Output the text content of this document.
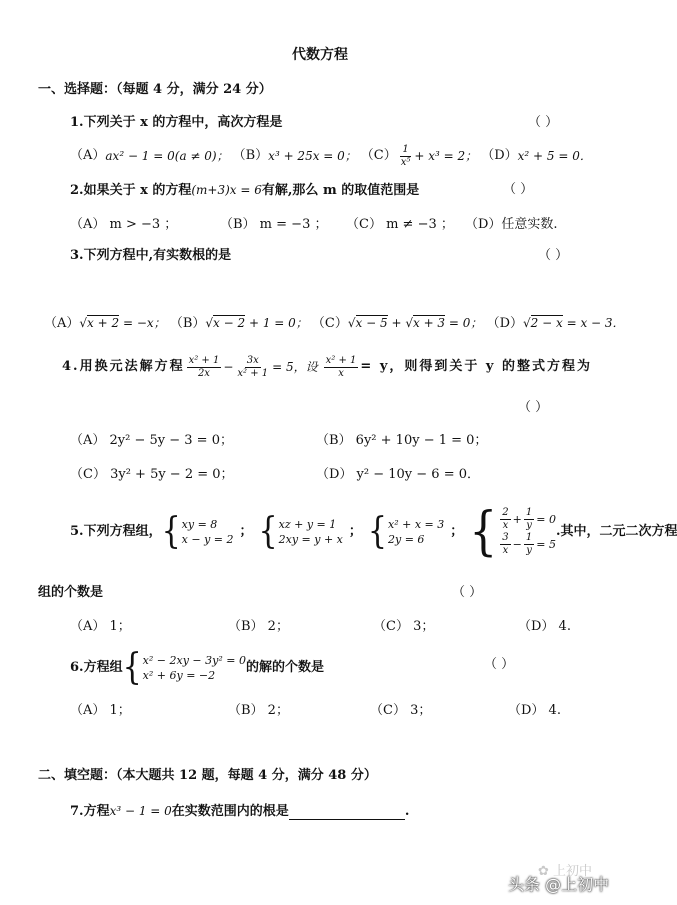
代数方程
一、选择题：（每题 4 分，满分 24 分）
1.下列关于 x 的方程中，高次方程是	（ ）
（A） ax² − 1 = 0(a ≠ 0)； （B） x³ + 25x = 0； $(C) \frac{1}{\text{x⁵}} + x^3 = 2$； （D） x² + 5 = 0．
2.如果关于 x 的方程(m+3)x = 6有解,那么 m 的取值范围是	（ ）
（A） m > −3 ；	（B） m = −3 ； （C） m ≠ −3 ； （D）任意实数.
3.下列方程中,有实数根的是	（ ）
（A）√x + 2 = −x； （B）√x − 2 + 1 = 0； （C）√x − 5 + √x + 3 = 0； （D）√2 − x = x − 3．
4.用换元法解方程 $\frac{\text{x² + 1}}{2x} - \frac{3x}{\text{x² + 1}} = 5$，设 $\frac{\text{x² + 1}}{x} = y$，则得到关于 y 的整式方程为
（ ）
（A） 2y² − 5y − 3 = 0；	（B） 6y² + 10y − 1 = 0；
（C） 3y² + 5y − 2 = 0；	（D） y² − 10y − 6 = 0．
5.下列方程组， { xy = 8
x − y = 2
； { xz + y = 1
2xy = y + x
； { x² + x = 3
2y = 6
； { $\frac{2}{x} + \frac{1}{y} = 0$
$\frac{3}{x} - \frac{1}{y} = 5$
.其中，二元二次方程
组的个数是	（ ）
（A） 1；	（B） 2；	（C） 3；	（D） 4.
6.方程组 { x² − 2xy − 3y² = 0
x² + 6y = −2
的解的个数是	（ ）
（A） 1；	（B） 2；	（C） 3；	（D） 4.
二、填空题：（本大题共 12 题，每题 4 分，满分 48 分）
7.方程x³ − 1 = 0在实数范围内的根是	.
✿ 上初中
头条 @上初中
